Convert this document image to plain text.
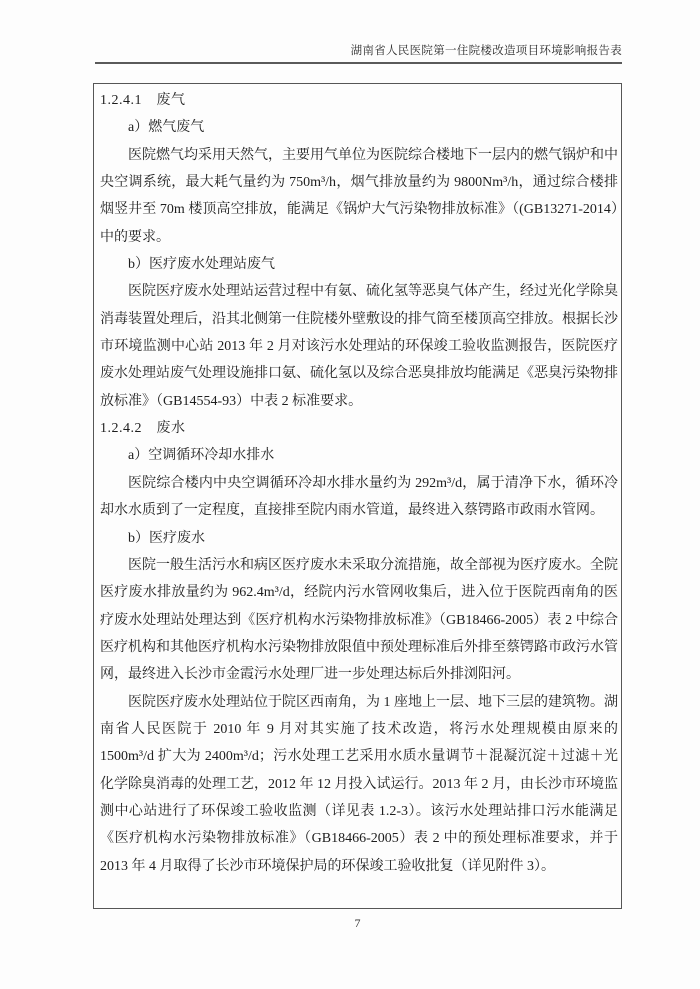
湖南省人民医院第一住院楼改造项目环境影响报告表
1.2.4.1　废气
a）燃气废气

医院燃气均采用天然气，主要用气单位为医院综合楼地下一层内的燃气锅炉和中央空调系统，最大耗气量约为 750m³/h，烟气排放量约为 9800Nm³/h，通过综合楼排烟竖井至 70m 楼顶高空排放，能满足《锅炉大气污染物排放标准》（(GB13271-2014）中的要求。

b）医疗废水处理站废气

医院医疗废水处理站运营过程中有氨、硫化氢等恶臭气体产生，经过光化学除臭消毒装置处理后，沿其北侧第一住院楼外壁敷设的排气筒至楼顶高空排放。根据长沙市环境监测中心站 2013 年 2 月对该污水处理站的环保竣工验收监测报告，医院医疗废水处理站废气处理设施排口氨、硫化氢以及综合恶臭排放均能满足《恶臭污染物排放标准》（GB14554-93）中表 2 标准要求。

1.2.4.2　废水
a）空调循环冷却水排水

医院综合楼内中央空调循环冷却水排水量约为 292m³/d，属于清净下水，循环冷却水水质到了一定程度，直接排至院内雨水管道，最终进入蔡锷路市政雨水管网。

b）医疗废水

医院一般生活污水和病区医疗废水未采取分流措施，故全部视为医疗废水。全院医疗废水排放量约为 962.4m³/d，经院内污水管网收集后，进入位于医院西南角的医疗废水处理站处理达到《医疗机构水污染物排放标准》（GB18466-2005）表 2 中综合医疗机构和其他医疗机构水污染物排放限值中预处理标准后外排至蔡锷路市政污水管网，最终进入长沙市金霞污水处理厂进一步处理达标后外排浏阳河。

医院医疗废水处理站位于院区西南角，为 1 座地上一层、地下三层的建筑物。湖南省人民医院于 2010 年 9 月对其实施了技术改造，将污水处理规模由原来的 1500m³/d 扩大为 2400m³/d；污水处理工艺采用水质水量调节＋混凝沉淀＋过滤＋光化学除臭消毒的处理工艺，2012 年 12 月投入试运行。2013 年 2 月，由长沙市环境监测中心站进行了环保竣工验收监测（详见表 1.2-3）。该污水处理站排口污水能满足《医疗机构水污染物排放标准》（GB18466-2005）表 2 中的预处理标准要求，并于 2013 年 4 月取得了长沙市环境保护局的环保竣工验收批复（详见附件 3）。

7
